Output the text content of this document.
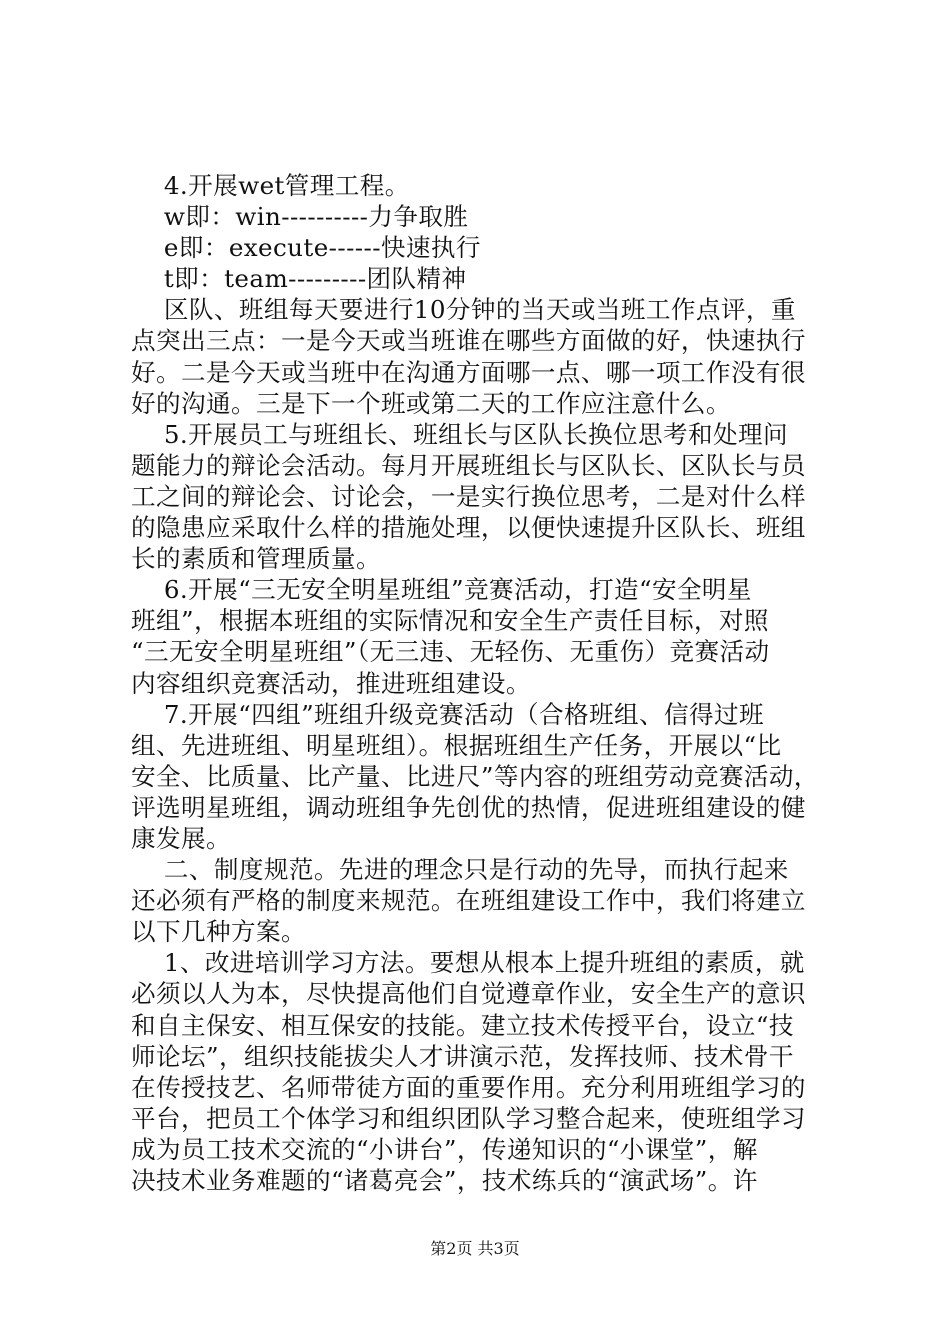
4.开展wet管理工程。
w即：win----------力争取胜
e即：execute------快速执行
t即：team---------团队精神
区队、班组每天要进行10分钟的当天或当班工作点评，重
点突出三点：一是今天或当班谁在哪些方面做的好，快速执行
好。二是今天或当班中在沟通方面哪一点、哪一项工作没有很
好的沟通。三是下一个班或第二天的工作应注意什么。
5.开展员工与班组长、班组长与区队长换位思考和处理问
题能力的辩论会活动。每月开展班组长与区队长、区队长与员
工之间的辩论会、讨论会，一是实行换位思考，二是对什么样
的隐患应采取什么样的措施处理，以便快速提升区队长、班组
长的素质和管理质量。
6.开展“三无安全明星班组”竞赛活动，打造“安全明星
班组”，根据本班组的实际情况和安全生产责任目标，对照
“三无安全明星班组”（无三违、无轻伤、无重伤）竞赛活动
内容组织竞赛活动，推进班组建设。
7.开展“四组”班组升级竞赛活动（合格班组、信得过班
组、先进班组、明星班组）。根据班组生产任务，开展以“比
安全、比质量、比产量、比进尺”等内容的班组劳动竞赛活动，
评选明星班组，调动班组争先创优的热情，促进班组建设的健
康发展。
二、制度规范。先进的理念只是行动的先导，而执行起来
还必须有严格的制度来规范。在班组建设工作中，我们将建立
以下几种方案。
1、改进培训学习方法。要想从根本上提升班组的素质，就
必须以人为本，尽快提高他们自觉遵章作业，安全生产的意识
和自主保安、相互保安的技能。建立技术传授平台，设立“技
师论坛”，组织技能拔尖人才讲演示范，发挥技师、技术骨干
在传授技艺、名师带徒方面的重要作用。充分利用班组学习的
平台，把员工个体学习和组织团队学习整合起来，使班组学习
成为员工技术交流的“小讲台”，传递知识的“小课堂”，解
决技术业务难题的“诸葛亮会”，技术练兵的“演武场”。许
第2页 共3页
